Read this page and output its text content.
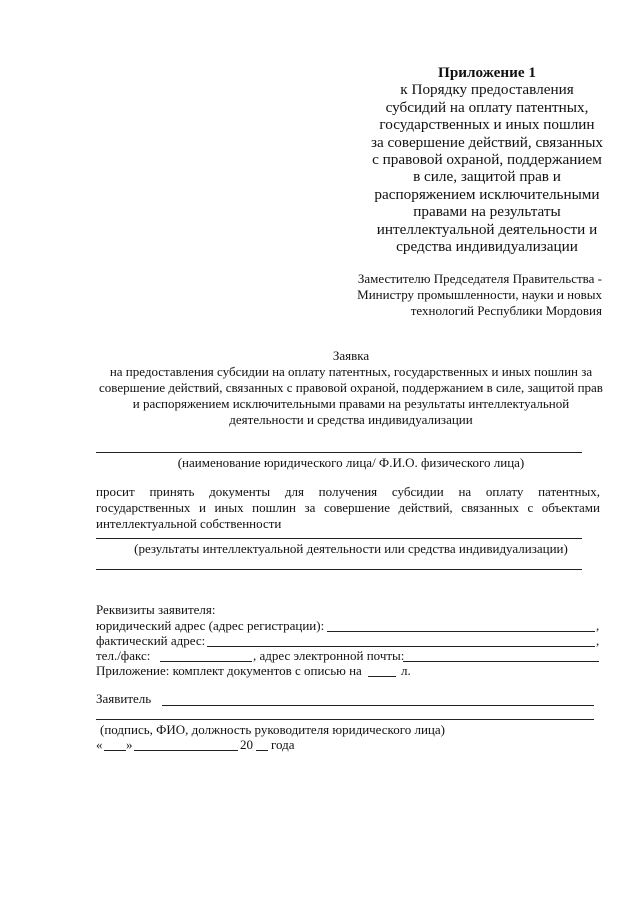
Приложение 1
к Порядку предоставления
субсидий на оплату патентных,
государственных и иных пошлин
за совершение действий, связанных
с правовой охраной, поддержанием
в силе, защитой прав и
распоряжением исключительными
правами на результаты
интеллектуальной деятельности и
средства индивидуализации
Заместителю Председателя Правительства -
Министру промышленности, науки и новых
технологий Республики Мордовия
Заявка
на предоставления субсидии на оплату патентных, государственных и иных пошлин за
совершение действий, связанных с правовой охраной, поддержанием в силе, защитой прав
и распоряжением исключительными правами на результаты интеллектуальной
деятельности и средства индивидуализации
(наименование юридического лица/ Ф.И.О. физического лица)
просит принять документы для получения субсидии на оплату патентных,
государственных и иных пошлин за совершение действий, связанных с объектами
интеллектуальной собственности
(результаты интеллектуальной деятельности или средства индивидуализации)
Реквизиты заявителя:
юридический адрес (адрес регистрации):	,
фактический адрес:	,
тел./факс:	, адрес электронной почты:
Приложение: комплект документов с описью на	л.
Заявитель
(подпись, ФИО, должность руководителя юридического лица)
« »	20 года
